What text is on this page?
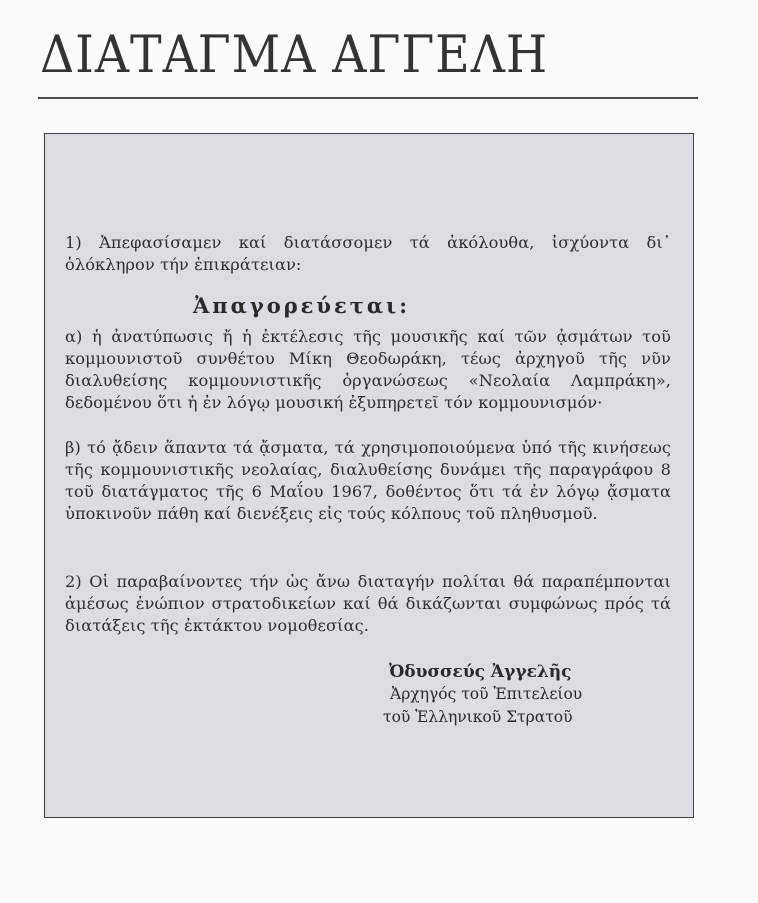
ΔΙΑΤΑΓΜΑ ΑΓΓΕΛΗ

1) Ἀπεφασίσαμεν καί διατάσσομεν τά ἀκόλουθα, ἰσχύοντα δι᾿ ὁλόκληρον τήν ἐπικράτειαν:

Ἀπαγορεύεται:

α) ἡ ἀνατύπωσις ἤ ἡ ἐκτέλεσις τῆς μουσικῆς καί τῶν ᾀσμάτων τοῦ κομμουνιστοῦ συνθέτου Μίκη Θεοδωράκη, τέως ἀρχηγοῦ τῆς νῦν διαλυθείσης κομμουνιστικῆς ὀργανώσεως «Νεολαία Λαμπράκη», δεδομένου ὅτι ἡ ἐν λόγῳ μουσική ἐξυπηρετεῖ τόν κομμουνισμόν·

β) τό ᾄδειν ἅπαντα τά ᾄσματα, τά χρησιμοποιούμενα ὑπό τῆς κινήσεως τῆς κομμουνιστικῆς νεολαίας, διαλυθείσης δυνάμει τῆς παραγράφου 8 τοῦ διατάγματος τῆς 6 Μαΐου 1967, δοθέντος ὅτι τά ἐν λόγῳ ᾄσματα ὑποκινοῦν πάθη καί διενέξεις εἰς τούς κόλπους τοῦ πληθυσμοῦ.

2) Οἱ παραβαίνοντες τήν ὡς ἄνω διαταγήν πολίται θά παραπέμπονται ἀμέσως ἐνώπιον στρατοδικείων καί θά δικάζωνται συμφώνως πρός τά διατάξεις τῆς ἐκτάκτου νομοθεσίας.

Ὀδυσσεύς Ἀγγελῆς
Ἀρχηγός τοῦ Ἐπιτελείου
τοῦ Ἑλληνικοῦ Στρατοῦ
